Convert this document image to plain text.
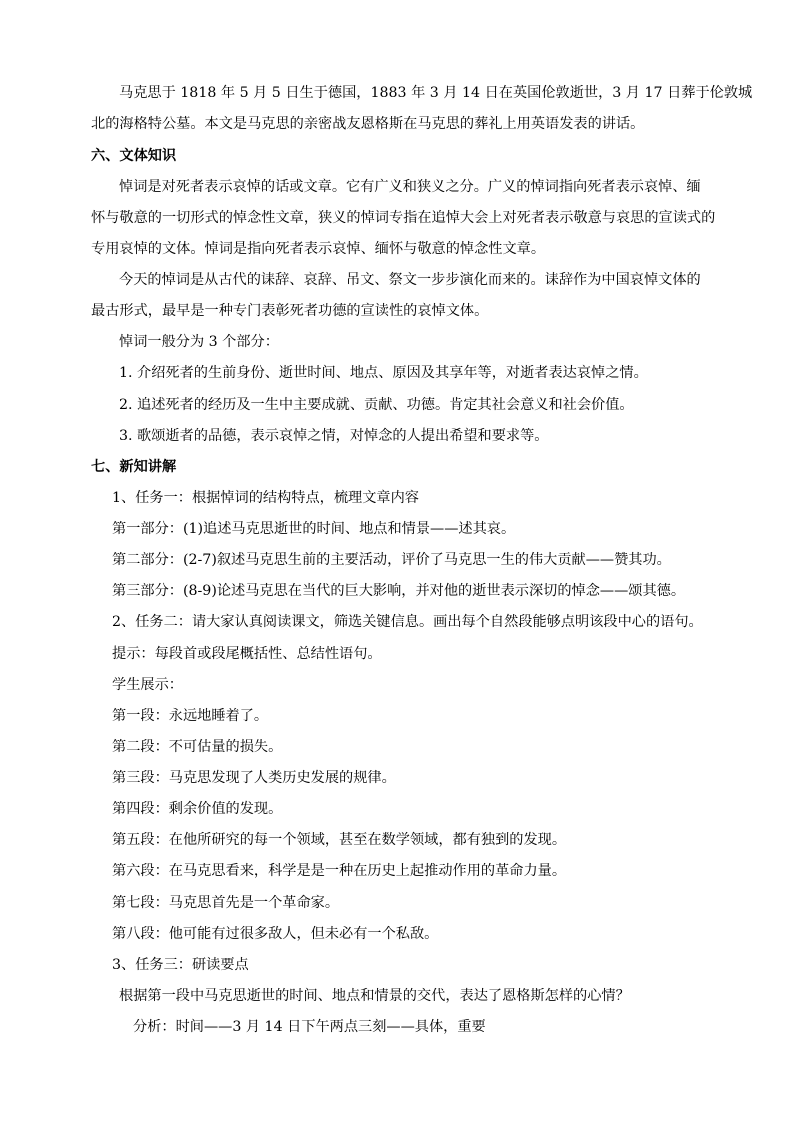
马克思于 1818 年 5 月 5 日生于德国，1883 年 3 月 14 日在英国伦敦逝世，3 月 17 日葬于伦敦城
北的海格特公墓。本文是马克思的亲密战友恩格斯在马克思的葬礼上用英语发表的讲话。
六、文体知识
悼词是对死者表示哀悼的话或文章。它有广义和狭义之分。广义的悼词指向死者表示哀悼、缅
怀与敬意的一切形式的悼念性文章，狭义的悼词专指在追悼大会上对死者表示敬意与哀思的宣读式的
专用哀悼的文体。悼词是指向死者表示哀悼、缅怀与敬意的悼念性文章。
今天的悼词是从古代的诔辞、哀辞、吊文、祭文一步步演化而来的。诔辞作为中国哀悼文体的
最古形式，最早是一种专门表彰死者功德的宣读性的哀悼文体。
悼词一般分为 3 个部分：
1. 介绍死者的生前身份、逝世时间、地点、原因及其享年等，对逝者表达哀悼之情。
2. 追述死者的经历及一生中主要成就、贡献、功德。肯定其社会意义和社会价值。
3. 歌颂逝者的品德，表示哀悼之情，对悼念的人提出希望和要求等。
七、新知讲解
1、任务一：根据悼词的结构特点，梳理文章内容
第一部分：(1)追述马克思逝世的时间、地点和情景——述其哀。
第二部分：(2-7)叙述马克思生前的主要活动，评价了马克思一生的伟大贡献——赞其功。
第三部分：(8-9)论述马克思在当代的巨大影响，并对他的逝世表示深切的悼念——颂其德。
2、任务二：请大家认真阅读课文，筛选关键信息。画出每个自然段能够点明该段中心的语句。
提示：每段首或段尾概括性、总结性语句。
学生展示：
第一段：永远地睡着了。
第二段：不可估量的损失。
第三段：马克思发现了人类历史发展的规律。
第四段：剩余价值的发现。
第五段：在他所研究的每一个领域，甚至在数学领域，都有独到的发现。
第六段：在马克思看来，科学是是一种在历史上起推动作用的革命力量。
第七段：马克思首先是一个革命家。
第八段：他可能有过很多敌人，但未必有一个私敌。
3、任务三：研读要点
根据第一段中马克思逝世的时间、地点和情景的交代，表达了恩格斯怎样的心情？
分析：时间——3 月 14 日下午两点三刻——具体，重要
